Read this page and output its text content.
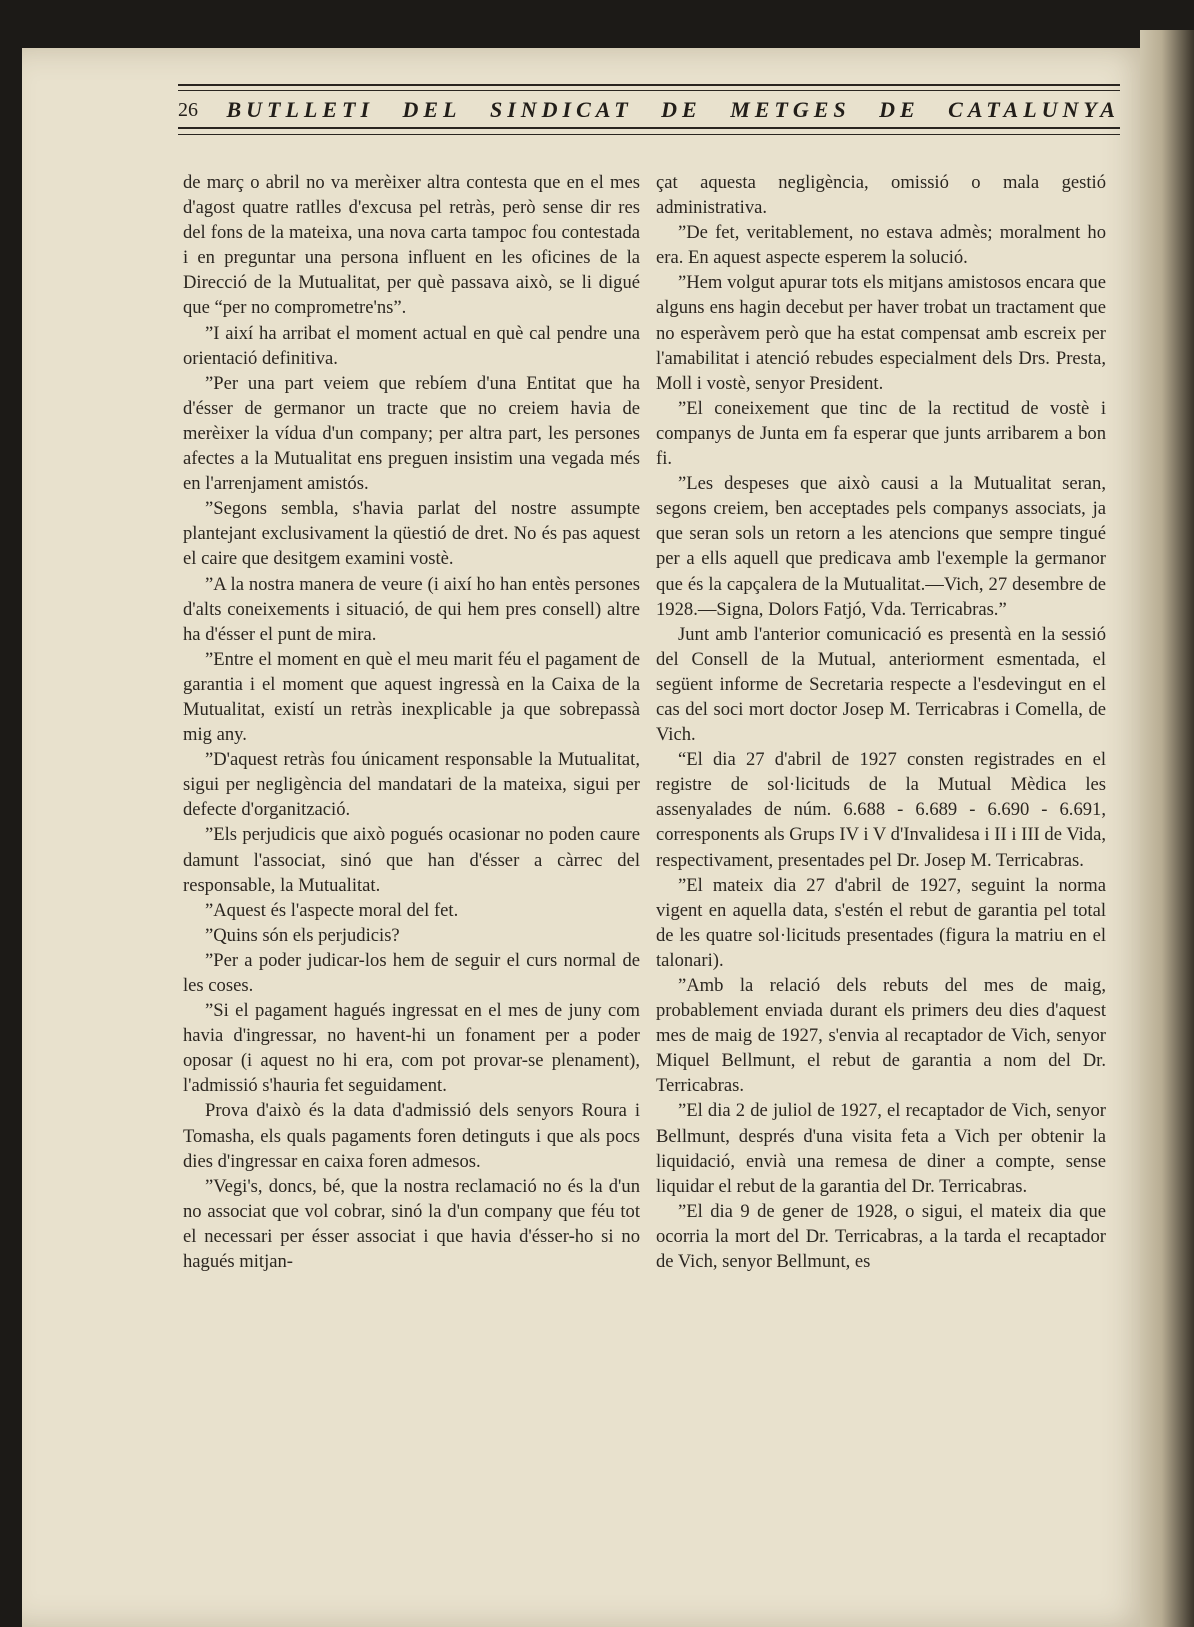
26 BUTLLETI DEL SINDICAT DE METGES DE CATALUNYA

de març o abril no va merèixer altra contesta que en el mes d'agost quatre ratlles d'excusa pel retràs, però sense dir res del fons de la mateixa, una nova carta tampoc fou contestada i en preguntar una persona influent en les oficines de la Direcció de la Mutualitat, per què passava això, se li digué que “per no comprometre'ns”.

”I així ha arribat el moment actual en què cal pendre una orientació definitiva.

”Per una part veiem que rebíem d'una Entitat que ha d'ésser de germanor un tracte que no creiem havia de merèixer la vídua d'un company; per altra part, les persones afectes a la Mutualitat ens preguen insistim una vegada més en l'arrenjament amistós.

”Segons sembla, s'havia parlat del nostre assumpte plantejant exclusivament la qüestió de dret. No és pas aquest el caire que desitgem examini vostè.

”A la nostra manera de veure (i així ho han entès persones d'alts coneixements i situació, de qui hem pres consell) altre ha d'ésser el punt de mira.

”Entre el moment en què el meu marit féu el pagament de garantia i el moment que aquest ingressà en la Caixa de la Mutualitat, existí un retràs inexplicable ja que sobrepassà mig any.

”D'aquest retràs fou únicament responsable la Mutualitat, sigui per negligència del mandatari de la mateixa, sigui per defecte d'organització.

”Els perjudicis que això pogués ocasionar no poden caure damunt l'associat, sinó que han d'ésser a càrrec del responsable, la Mutualitat.

”Aquest és l'aspecte moral del fet.

”Quins són els perjudicis?

”Per a poder judicar-los hem de seguir el curs normal de les coses.

”Si el pagament hagués ingressat en el mes de juny com havia d'ingressar, no havent-hi un fonament per a poder oposar (i aquest no hi era, com pot provar-se plenament), l'admissió s'hauria fet seguidament.

Prova d'això és la data d'admissió dels senyors Roura i Tomasha, els quals pagaments foren detinguts i que als pocs dies d'ingressar en caixa foren admesos.

”Vegi's, doncs, bé, que la nostra reclamació no és la d'un no associat que vol cobrar, sinó la d'un company que féu tot el necessari per ésser associat i que havia d'ésser-ho si no hagués mitjan-

çat aquesta negligència, omissió o mala gestió administrativa.

”De fet, veritablement, no estava admès; moralment ho era. En aquest aspecte esperem la solució.

”Hem volgut apurar tots els mitjans amistosos encara que alguns ens hagin decebut per haver trobat un tractament que no esperàvem però que ha estat compensat amb escreix per l'amabilitat i atenció rebudes especialment dels Drs. Presta, Moll i vostè, senyor President.

”El coneixement que tinc de la rectitud de vostè i companys de Junta em fa esperar que junts arribarem a bon fi.

”Les despeses que això causi a la Mutualitat seran, segons creiem, ben acceptades pels companys associats, ja que seran sols un retorn a les atencions que sempre tingué per a ells aquell que predicava amb l'exemple la germanor que és la capçalera de la Mutualitat.—Vich, 27 desembre de 1928.—Signa, Dolors Fatjó, Vda. Terricabras.”

Junt amb l'anterior comunicació es presentà en la sessió del Consell de la Mutual, anteriorment esmentada, el següent informe de Secretaria respecte a l'esdevingut en el cas del soci mort doctor Josep M. Terricabras i Comella, de Vich.

“El dia 27 d'abril de 1927 consten registrades en el registre de sol·licituds de la Mutual Mèdica les assenyalades de núm. 6.688 - 6.689 - 6.690 - 6.691, corresponents als Grups IV i V d'Invalidesa i II i III de Vida, respectivament, presentades pel Dr. Josep M. Terricabras.

”El mateix dia 27 d'abril de 1927, seguint la norma vigent en aquella data, s'estén el rebut de garantia pel total de les quatre sol·licituds presentades (figura la matriu en el talonari).

”Amb la relació dels rebuts del mes de maig, probablement enviada durant els primers deu dies d'aquest mes de maig de 1927, s'envia al recaptador de Vich, senyor Miquel Bellmunt, el rebut de garantia a nom del Dr. Terricabras.

”El dia 2 de juliol de 1927, el recaptador de Vich, senyor Bellmunt, després d'una visita feta a Vich per obtenir la liquidació, envià una remesa de diner a compte, sense liquidar el rebut de la garantia del Dr. Terricabras.

”El dia 9 de gener de 1928, o sigui, el mateix dia que ocorria la mort del Dr. Terricabras, a la tarda el recaptador de Vich, senyor Bellmunt, es
